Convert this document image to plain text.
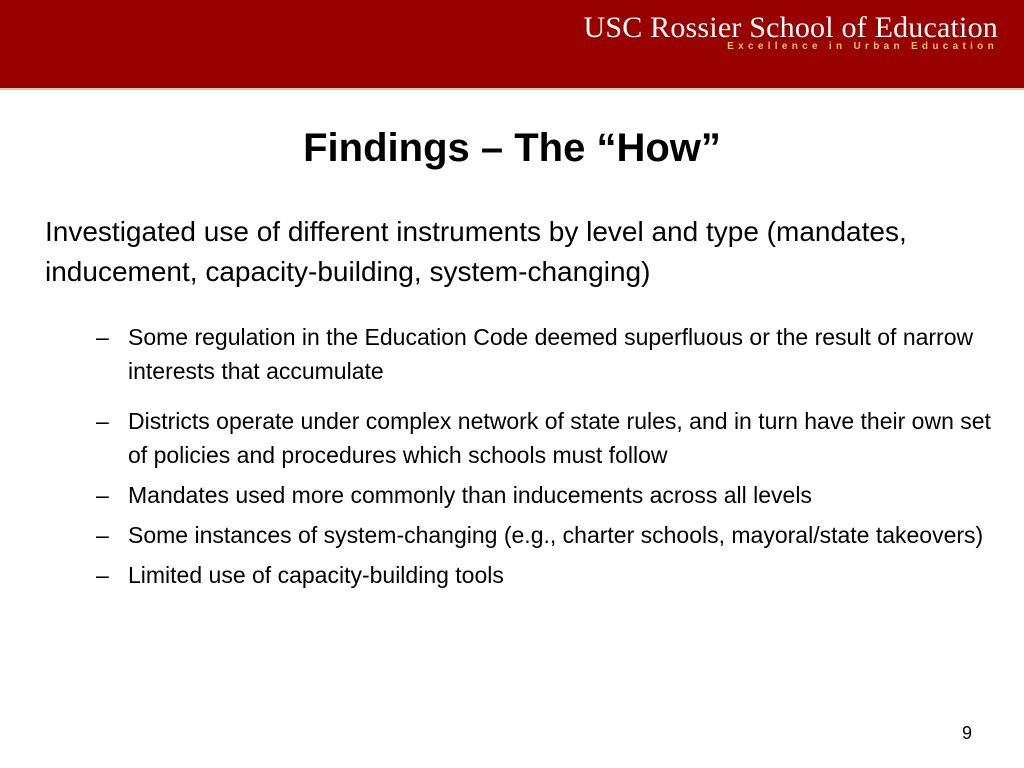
USC Rossier School of Education
Excellence in Urban Education
Findings – The “How”
Investigated use of different instruments by level and type (mandates, inducement, capacity-building, system-changing)
– Some regulation in the Education Code deemed superfluous or the result of narrow interests that accumulate
– Districts operate under complex network of state rules, and in turn have their own set of policies and procedures which schools must follow
– Mandates used more commonly than inducements across all levels
– Some instances of system-changing (e.g., charter schools, mayoral/state takeovers)
– Limited use of capacity-building tools
9
